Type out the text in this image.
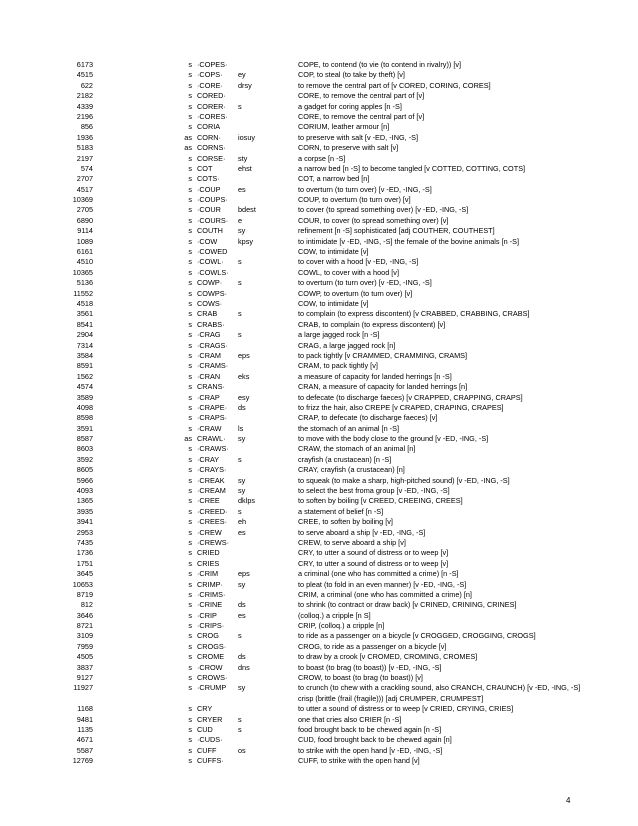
6173	s ·COPES·	COPE, to contend (to vie (to contend in rivalry)) [v]
4515	s ·COPS· ey	COP, to steal (to take by theft) [v]
622	s ·CORE· drsy	to remove the central part of [v CORED, CORING, CORES]
2182	s CORED·	CORE, to remove the central part of [v]
4339	s CORER· s	a gadget for coring apples [n -S]
2196	s ·CORES·	CORE, to remove the central part of [v]
856	s CORIA	CORIUM, leather armour [n]
1936	as CORN· iosuy	to preserve with salt [v -ED, -ING, -S]
5183	as CORNS·	CORN, to preserve with salt [v]
2197	s CORSE· sty	a corpse [n -S]
574	s COT	ehst	a narrow bed [n -S] to become tangled [v COTTED, COTTING, COTS]
2707	s COTS·	COT, a narrow bed [n]
4517	s ·COUP es	to overturn (to turn over) [v -ED, -ING, -S]
10369	s ·COUPS·	COUP, to overturn (to turn over) [v]
2705	s ·COUR bdest	to cover (to spread something over) [v -ED, -ING, -S]
6890	s ·COURS· e	COUR, to cover (to spread something over) [v]
9114	s COUTH sy	refinement [n -S] sophisticated [adj COUTHER, COUTHEST]
1089	s ·COW	kpsy	to intimidate [v -ED, -ING, -S] the female of the bovine animals [n -S]
6161	s ·COWED	COW, to intimidate [v]
4510	s ·COWL· s	to cover with a hood [v -ED, -ING, -S]
10365	s ·COWLS·	COWL, to cover with a hood [v]
5136	s COWP· s	to overturn (to turn over) [v -ED, -ING, -S]
11552	s COWPS·	COWP, to overturn (to turn over) [v]
4518	s COWS·	COW, to intimidate [v]
3561	s CRAB	s	to complain (to express discontent) [v CRABBED, CRABBING, CRABS]
8541	s CRABS·	CRAB, to complain (to express discontent) [v]
2904	s ·CRAG s	a large jagged rock [n -S]
7314	s ·CRAGS·	CRAG, a large jagged rock [n]
3584	s ·CRAM eps	to pack tightly [v CRAMMED, CRAMMING, CRAMS]
8591	s ·CRAMS·	CRAM, to pack tightly [v]
1562	s ·CRAN eks	a measure of capacity for landed herrings [n -S]
4574	s CRANS·	CRAN, a measure of capacity for landed herrings [n]
3589	s ·CRAP	esy	to defecate (to discharge faeces) [v CRAPPED, CRAPPING, CRAPS]
4098	s ·CRAPE· ds	to frizz the hair, also CREPE [v CRAPED, CRAPING, CRAPES]
8598	s ·CRAPS·	CRAP, to defecate (to discharge faeces) [v]
3591	s ·CRAW ls	the stomach of an animal [n -S]
8587	as CRAWL· sy	to move with the body close to the ground [v -ED, -ING, -S]
8603	s ·CRAWS·	CRAW, the stomach of an animal [n]
3592	s ·CRAY	s	crayfish (a crustacean) [n -S]
8605	s ·CRAYS·	CRAY, crayfish (a crustacean) [n]
5966	s ·CREAK sy	to squeak (to make a sharp, high-pitched sound) [v -ED, -ING, -S]
4093	s ·CREAM sy	to select the best froma group [v -ED, -ING, -S]
1365	s ·CREE	dklps	to soften by boiling [v CREED, CREEING, CREES]
3935	s ·CREED· s	a statement of belief [n -S]
3941	s ·CREES· eh	CREE, to soften by boiling [v]
2953	s ·CREW es	to serve aboard a ship [v -ED, -ING, -S]
7435	s ·CREWS·	CREW, to serve aboard a ship [v]
1736	s CRIED	CRY, to utter a sound of distress or to weep [v]
1751	s CRIES	CRY, to utter a sound of distress or to weep [v]
3645	s ·CRIM	eps	a criminal (one who has committed a crime) [n -S]
10653	s CRIMP· sy	to pleat (to fold in an even manner) [v -ED, -ING, -S]
8719	s ·CRIMS·	CRIM, a criminal (one who has committed a crime) [n]
812	s ·CRINE ds	to shrink (to contract or draw back) [v CRINED, CRINING, CRINES]
3646	s ·CRIP	es	(colloq.) a cripple [n S]
8721	s ·CRIPS·	CRIP, (colloq.) a cripple [n]
3109	s CROG	s	to ride as a passenger on a bicycle [v CROGGED, CROGGING, CROGS]
7959	s CROGS·	CROG, to ride as a passenger on a bicycle [v]
4505	s CROME ds	to draw by a crook [v CROMED, CROMING, CROMES]
3837	s ·CROW dns	to boast (to brag (to boast)) [v -ED, -ING, -S]
9127	s CROWS·	CROW, to boast (to brag (to boast)) [v]
11927	s ·CRUMP sy	to crunch (to chew with a crackling sound, also CRANCH, CRAUNCH) [v -ED, -ING, -S] crisp (brittle (frail (fragile))) [adj CRUMPER, CRUMPEST]
1168	s CRY	to utter a sound of distress or to weep [v CRIED, CRYING, CRIES]
9481	s CRYER s	one that cries also CRIER [n -S]
1135	s CUD	s	food brought back to be chewed again [n -S]
4671	s ·CUDS·	CUD, food brought back to be chewed again [n]
5587	s CUFF	os	to strike with the open hand [v -ED, -ING, -S]
12769	s CUFFS·	CUFF, to strike with the open hand [v]
4
